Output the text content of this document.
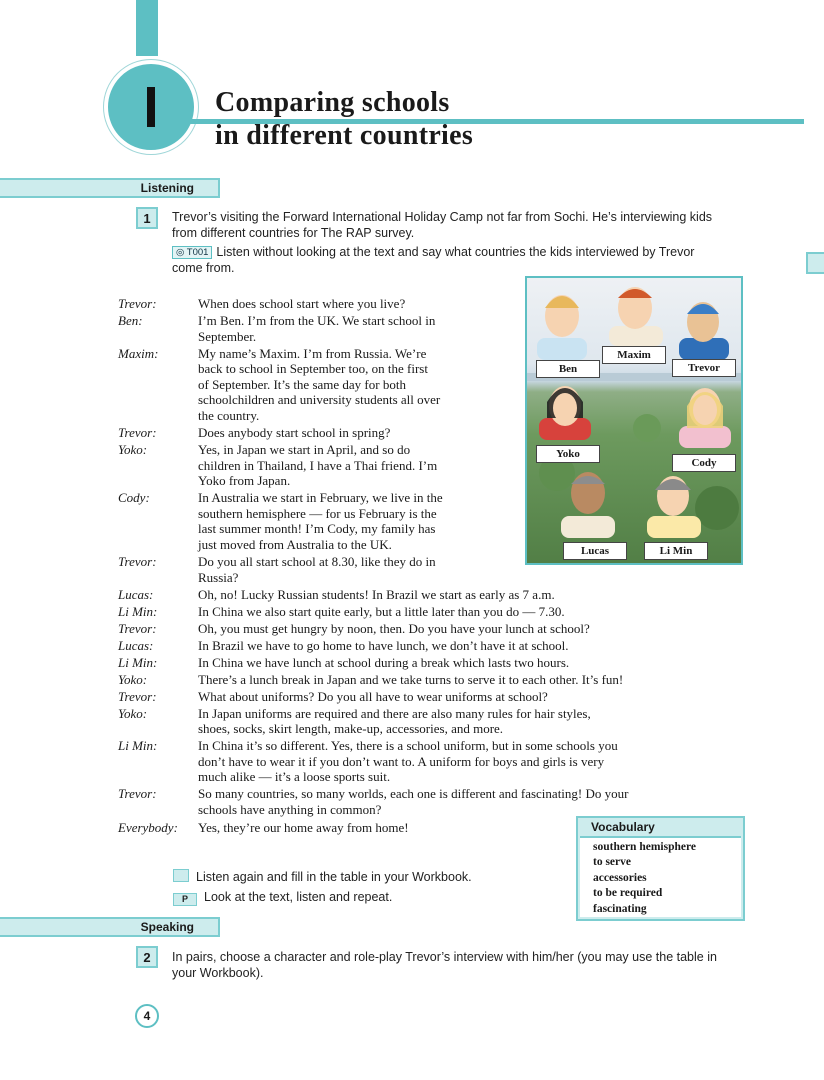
Comparing schools
in different countries
Listening
1	Trevor’s visiting the Forward International Holiday Camp not far from Sochi. He’s interviewing kids from different countries for The RAP survey.
◎ T001 Listen without looking at the text and say what countries the kids interviewed by Trevor come from.
Trevor:	When does school start where you live?
Ben:	I’m Ben. I’m from the UK. We start school in
September.
Maxim:	My name’s Maxim. I’m from Russia. We’re
back to school in September too, on the first
of September. It’s the same day for both
schoolchildren and university students all over
the country.
Trevor:	Does anybody start school in spring?
Yoko:	Yes, in Japan we start in April, and so do
children in Thailand, I have a Thai friend. I’m
Yoko from Japan.
Cody:	In Australia we start in February, we live in the
southern hemisphere — for us February is the
last summer month! I’m Cody, my family has
just moved from Australia to the UK.
Trevor:	Do you all start school at 8.30, like they do in
Russia?
Lucas:	Oh, no! Lucky Russian students! In Brazil we start as early as 7 a.m.
Li Min:	In China we also start quite early, but a little later than you do — 7.30.
Trevor:	Oh, you must get hungry by noon, then. Do you have your lunch at school?
Lucas:	In Brazil we have to go home to have lunch, we don’t have it at school.
Li Min:	In China we have lunch at school during a break which lasts two hours.
Yoko:	There’s a lunch break in Japan and we take turns to serve it to each other. It’s fun!
Trevor:	What about uniforms? Do you all have to wear uniforms at school?
Yoko:	In Japan uniforms are required and there are also many rules for hair styles,
shoes, socks, skirt length, make-up, accessories, and more.
Li Min:	In China it’s so different. Yes, there is a school uniform, but in some schools you
don’t have to wear it if you don’t want to. A uniform for boys and girls is very
much alike — it’s a loose sports suit.
Trevor:	So many countries, so many worlds, each one is different and fascinating! Do your
schools have anything in common?
Everybody:	Yes, they’re our home away from home!
Ben
Maxim
Trevor
Yoko
Cody
Lucas	Li Min
Vocabulary
southern hemisphere
to serve
accessories
to be required
fascinating
Listen again and fill in the table in your Workbook.
P Look at the text, listen and repeat.
Speaking
2	In pairs, choose a character and role-play Trevor’s interview with him/her (you may use the table in your Workbook).
4
